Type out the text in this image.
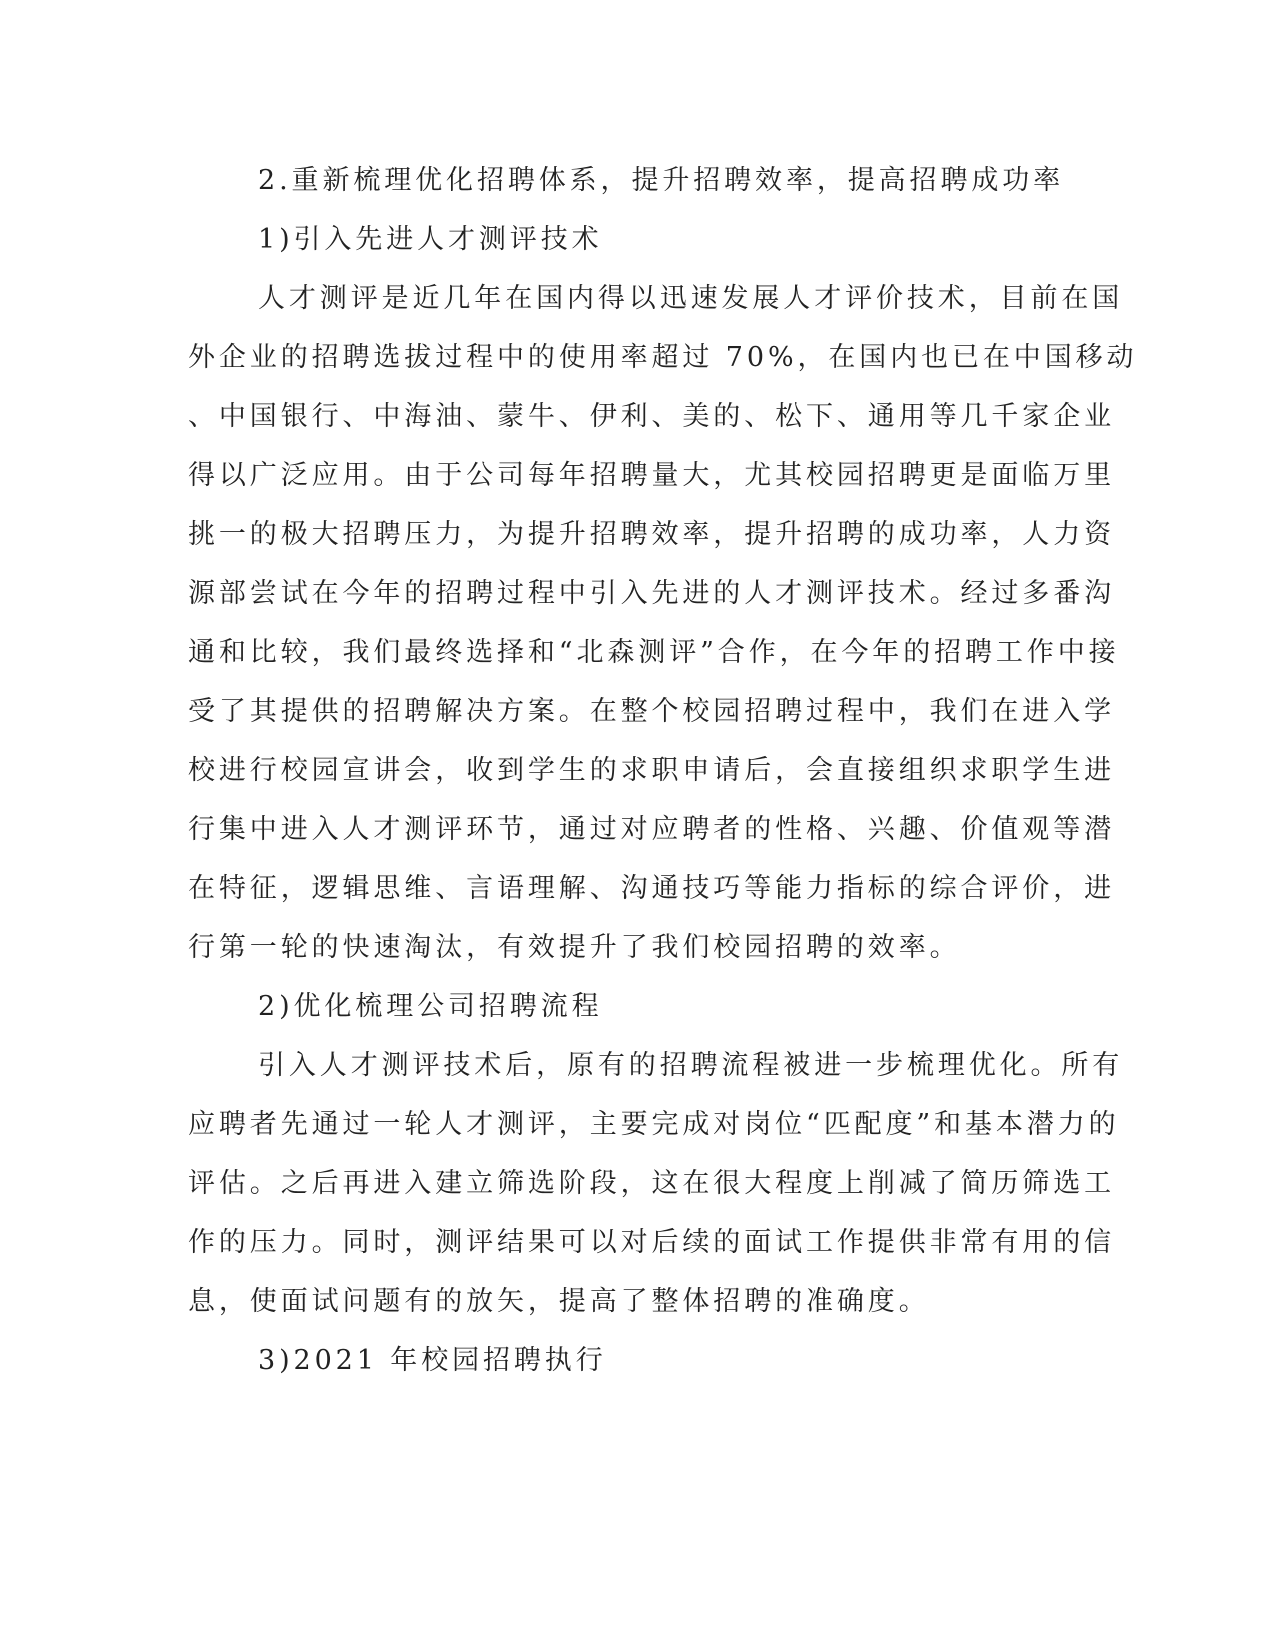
2.重新梳理优化招聘体系，提升招聘效率，提高招聘成功率
1)引入先进人才测评技术
人才测评是近几年在国内得以迅速发展人才评价技术，目前在国
外企业的招聘选拔过程中的使用率超过 70%，在国内也已在中国移动
、中国银行、中海油、蒙牛、伊利、美的、松下、通用等几千家企业
得以广泛应用。由于公司每年招聘量大，尤其校园招聘更是面临万里
挑一的极大招聘压力，为提升招聘效率，提升招聘的成功率，人力资
源部尝试在今年的招聘过程中引入先进的人才测评技术。经过多番沟
通和比较，我们最终选择和“北森测评”合作，在今年的招聘工作中接
受了其提供的招聘解决方案。在整个校园招聘过程中，我们在进入学
校进行校园宣讲会，收到学生的求职申请后，会直接组织求职学生进
行集中进入人才测评环节，通过对应聘者的性格、兴趣、价值观等潜
在特征，逻辑思维、言语理解、沟通技巧等能力指标的综合评价，进
行第一轮的快速淘汰，有效提升了我们校园招聘的效率。
2)优化梳理公司招聘流程
引入人才测评技术后，原有的招聘流程被进一步梳理优化。所有
应聘者先通过一轮人才测评，主要完成对岗位“匹配度”和基本潜力的
评估。之后再进入建立筛选阶段，这在很大程度上削减了简历筛选工
作的压力。同时，测评结果可以对后续的面试工作提供非常有用的信
息，使面试问题有的放矢，提高了整体招聘的准确度。
3)2021 年校园招聘执行
